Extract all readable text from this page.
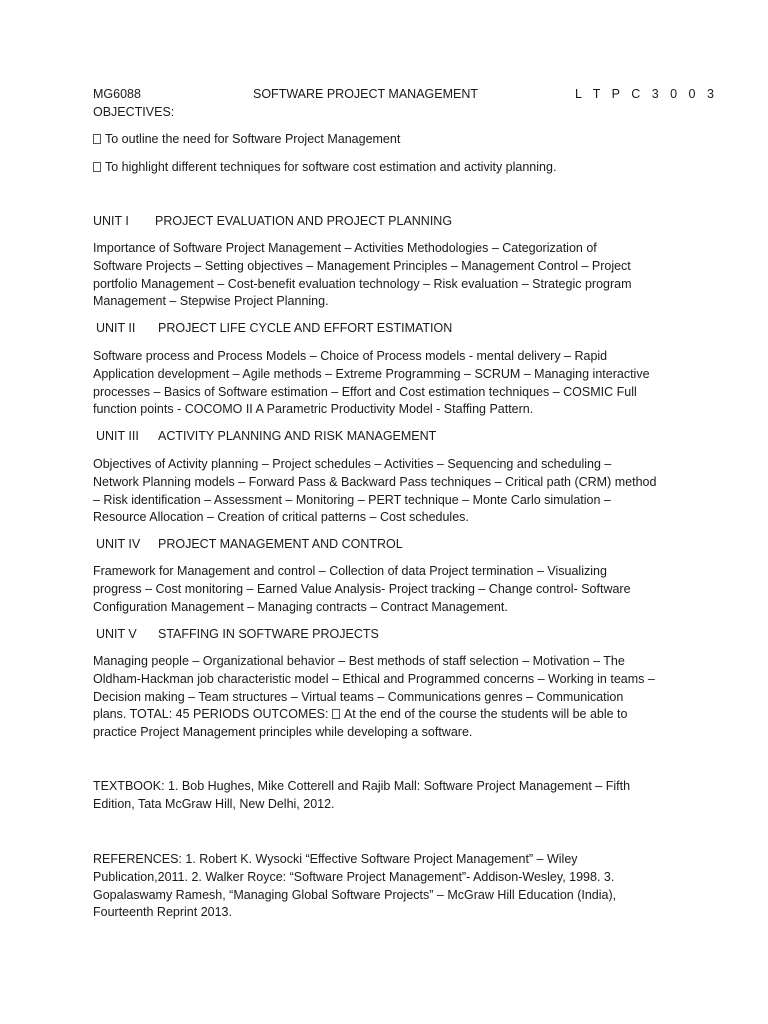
MG6088	SOFTWARE PROJECT MANAGEMENT	L T P C 3 0 0 3
OBJECTIVES:
To outline the need for Software Project Management
To highlight different techniques for software cost estimation and activity planning.
UNIT I PROJECT EVALUATION AND PROJECT PLANNING
Importance of Software Project Management – Activities Methodologies – Categorization of
Software Projects – Setting objectives – Management Principles – Management Control – Project
portfolio Management – Cost-benefit evaluation technology – Risk evaluation – Strategic program
Management – Stepwise Project Planning.
UNIT II PROJECT LIFE CYCLE AND EFFORT ESTIMATION
Software process and Process Models – Choice of Process models - mental delivery – Rapid
Application development – Agile methods – Extreme Programming – SCRUM – Managing interactive
processes – Basics of Software estimation – Effort and Cost estimation techniques – COSMIC Full
function points - COCOMO II A Parametric Productivity Model - Staffing Pattern.
UNIT III ACTIVITY PLANNING AND RISK MANAGEMENT
Objectives of Activity planning – Project schedules – Activities – Sequencing and scheduling –
Network Planning models – Forward Pass & Backward Pass techniques – Critical path (CRM) method
– Risk identification – Assessment – Monitoring – PERT technique – Monte Carlo simulation –
Resource Allocation – Creation of critical patterns – Cost schedules.
UNIT IV PROJECT MANAGEMENT AND CONTROL
Framework for Management and control – Collection of data Project termination – Visualizing
progress – Cost monitoring – Earned Value Analysis- Project tracking – Change control- Software
Configuration Management – Managing contracts – Contract Management.
UNIT V STAFFING IN SOFTWARE PROJECTS
Managing people – Organizational behavior – Best methods of staff selection – Motivation – The
Oldham-Hackman job characteristic model – Ethical and Programmed concerns – Working in teams –
Decision making – Team structures – Virtual teams – Communications genres – Communication
plans. TOTAL: 45 PERIODS OUTCOMES: At the end of the course the students will be able to
practice Project Management principles while developing a software.
TEXTBOOK: 1. Bob Hughes, Mike Cotterell and Rajib Mall: Software Project Management – Fifth
Edition, Tata McGraw Hill, New Delhi, 2012.
REFERENCES: 1. Robert K. Wysocki “Effective Software Project Management” – Wiley
Publication,2011. 2. Walker Royce: “Software Project Management”- Addison-Wesley, 1998. 3.
Gopalaswamy Ramesh, “Managing Global Software Projects” – McGraw Hill Education (India),
Fourteenth Reprint 2013.
